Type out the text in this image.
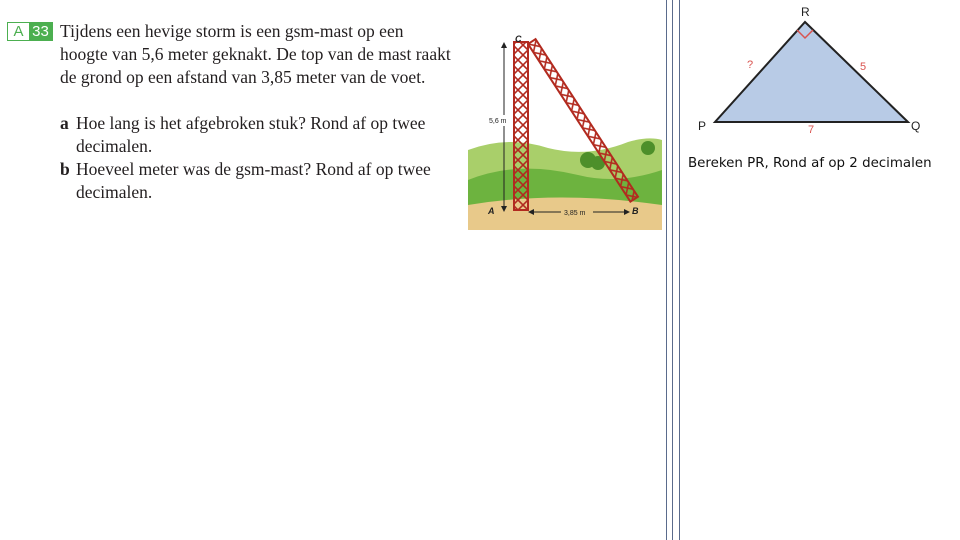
A 33 Tijdens een hevige storm is een gsm-mast op een hoogte van 5,6 meter geknakt. De top van de mast raakt de grond op een afstand van 3,85 meter van de voet.

a Hoe lang is het afgebroken stuk? Rond af op twee decimalen.
b Hoeveel meter was de gsm-mast? Rond af op twee decimalen.
5,6 m
3,85 m
C
A	B
P	Q
R
?	5
7
Bereken PR, Rond af op 2 decimalen
